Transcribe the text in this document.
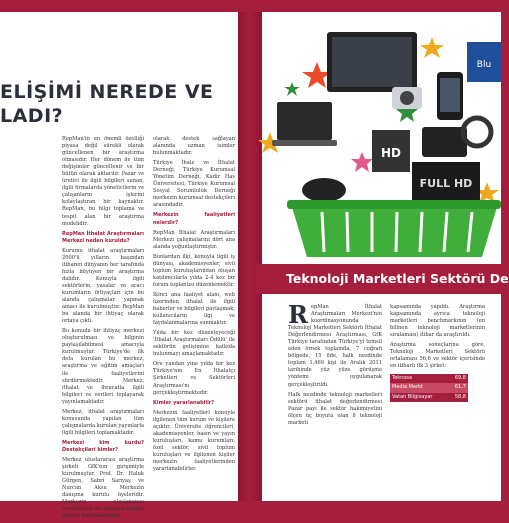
ELİŞİMİ NEREDE VE
LADI?

RepMan'in en önemli özelliği piyasa değil sürekli olarak güncellenen bir araştırma olmasıdır. Her dönem ile tüm değişimler güncellenir ve bir bütün olarak aktarılır. Pazar ve üretici ile ilgili bilgileri sunan, ilgili firmalarda yöneticilerin ve çalışanların işlerini kolaylaştıran bir kaynaktır. RepMan, bu bilgi toplama ve tespit alan bir araştırma modelidir.

RepMan İthalat Araştırmaları Merkezi neden kuruldu?

Kurumu ithalat araştırmaları 2000'li yılların başından itibaren dünyanın her tarafında hızla büyüyen bir araştırma dalıdır. Konuyla ilgili sektörlerin, yasalar ve aracı kurumların ihtiyaçları için bu alanda çalışmalar yapmak amacı ile kurulmuştur. RepMan bu alanda bir ihtiyaç olarak ortaya çıktı.

Bu konuda bir ihtiyaç merkezi oluşturulması ve bilginin paylaşılabilmesi amacıyla kurulmuştur. Türkiye'de ilk defa kurulan bu merkez, araştırma ve eğitim amaçları ile faaliyetlerini sürdürmektedir. Merkez, ithalat ve ihracatla ilgili bilgileri ve verileri toplayarak yayınlamaktadır.

Merkez, ithalat araştırmaları konusunda yapılan tüm çalışmalarda kurulan yayınlarla ilgili bilgileri toplamaktadır.

Merkezi kim kurdu? Destekçileri kimler?

Merkez uluslararası araştırma şirketi GfK'nın girişimiyle kurulmuştur. Prof. Dr. Haluk Gürgen, Sabri Sarıyaş ve Nurcan Aksu Merkezin danışma kurulu üyeleridir. Merkezin uluslararası çevrelerden de danışma kurulu üyeleri bulunmaktadır.

olarak destek sağlayan alanında uzman isimler bulunmaktadır.

Türkiye İhale ve İthalat Derneği, Türkiye Kurumsal Yönetim Derneği, Kadir Has Üniversitesi, Türkiye Kurumsal Sosyal Sorumluluk Derneği merkezin kurumsal destekçileri arasındadır.

Merkezin faaliyetleri nelerdir?

RepMan İthalat Araştırmaları Merkezi çalışmalarını dört ana alanda yoğunlaştırmıştır.

Bunlardan ilki, konuyla ilgili iş dünyası, akademisyenler, sivil toplum kuruluşlarından oluşan katılımcılarla yılda 2-4 kez bir forum toplantısı düzenlemektir.

İkinci ana faaliyet alanı, web üzerinden ithalat ile ilgili haberler ve bilgileri paylaşmak, kullanıcıların ilgi ve faydalanmalarına sunmaktır.

Yılda bir kez düzenleyeceği 'İthalat Araştırmaları Ödülü' ile sektörün gelişimine katkıda bulunmayı amaçlamaktadır.

Ore yandan yine yılda bir kez Türkiye'nin En İthalatçı Şirketleri ve Sektörleri Araştırması'nı gerçekleştirmektedir.

Kimler yararlanabilir?

Merkezin faaliyetleri konuyla ilgilenen tüm kurum ve kişilere açıktır. Üniversite öğrencileri, akademisyenler, basın ve yayın kuruluşları, kamu kurumları, özel sektör, sivil toplum kuruluşları ve ilgilenen kişiler merkezin faaliyetlerinden yararlanabilirler.

HD
FULL HD
Blu
Teknoloji Marketleri Sektörü De

RepMan İthalat Araştırmaları Merkezi'nin koordinasyonunda Teknoloji Marketleri Sektörü İthalat Değerlendirmesi Araştırması, GfK Türkiye tarafından Türkiye'yi temsil eden örnek toplamda, 7 coğrafi bölgede, 15 ilde, halk nezdinde toplam 1.469 kişi ile Aralık 2011 tarihinde yüz yüze görüşme yöntemi uygulanarak gerçekleştirildi.

Halk nezdinde teknoloji marketleri sektörü ithalat değerlendirmesi Pazar payı ile sektör hakimiyetini ölçen üç boyutu olan 8 teknoloji marketi

kapsamında yapıldı. Araştırma kapsamında ayrıca teknoloji marketleri benchmarkının (en bilinen teknoloji marketlerinin sıralaması) itibar da araştırıldı.

Araştırma sonuçlarına göre, Teknoloji Marketleri Sektörü ortalaması 56,6 ve sektör içerisinde en itibarlı ilk 3 şirket:

Teknosa	69,8
Media Markt	61,7
Vatan Bilgisayar	58,8
